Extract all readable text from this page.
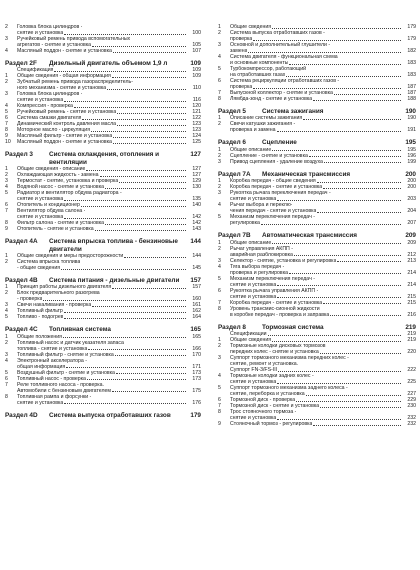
2	Головка блока цилиндров -
снятие и установка	100
3	Ручейковый ремень привода вспомогательных
агрегатов - снятие и установка	105
4	Масляный поддон - снятие и установка	107
Раздел 2F	Дизельный двигатель объемом 1,9 л	109
Спецификация	109
1	Общие сведения - общая информация	109
2	Зубчатый ремень привода газораспределитель-
ного механизма - снятие и установка	110
3	Головка блока цилиндров -
снятие и установка	116
4	Компрессия - проверка	120
5	Ручейковый ремень - снятие и установка	121
6	Система смазки двигателя	122
7	Динамический контроль давления масла	123
8	Моторное масло - циркуляция	123
9	Масляный фильтр - снятие и установка	124
10	Масляный поддон - снятие и установка	125
Раздел 3	Система охлаждения, отопления и вентиляции
127
1	Общие сведения - описание	127
2	Охлаждающая жидкость - замена	127
3	Термостат - снятие, установка и проверка	129
4	Водяной насос - снятие и установка	130
5	Радиатор и вентилятор обдува радиатора -
снятие и установка	135
6	Отопитель и кондиционер	140
7	Вентилятор обдува салона -
снятие и установка	142
8	Фильтр салона - снятие и установка	142
9	Отопитель - снятие и установка	143
Раздел 4A	Система впрыска топлива - бензиновые двигатели
144
1	Общие сведения и меры предосторожности	144
2	Система впрыска топлива
- общие сведения	145
Раздел 4B	Система питания - дизельные двигатели	157
1	Принцип работы дизельного двигателя	157
2	Блок предварительного разогрева
- проверка	160
3	Свечи накаливания - проверка	161
4	Топливный фильтр	162
5	Топливо - подогрев	164
Раздел 4C	Топливная система	165
1	Общие положения	165
2	Топливный насос и датчик указателя запаса
топлива - снятие и установка	166
3	Топливный фильтр - снятие и установка	170
4	Электронный акселератора -
общая информация	171
5	Воздушный фильтр - снятие и установка	173
6	Топливный насос - проверка	173
7	Реле топливного насоса - проверка.
Автомобили с бензиновым двигателем	175
8	Топливная рампа и форсунки -
снятие и установка	176
Раздел 4D	Система выпуска отработавших газов	179
1	Общие сведения	179
2	Система выпуска отработавших газов -
проверка	179
3	Основной и дополнительный глушители -
замена	182
4	Система двигателя - функциональная схема
и основные компоненты	183
5	Турбокомпрессор, работающий
на отработавших газах	183
6	Система рециркуляции отработавших газов -
проверка	187
7	Выпускной коллектор - снятие и установка	187
8	Лямбда-зонд - снятие и установка	188
Раздел 5	Система зажигания	190
1	Описание системы зажигания	190
2	Свечи катушки зажигания -
проверка и замена	191
Раздел 6	Сцепление	195
1	Общие описание	195
2	Сцепление - снятие и установка	196
3	Привод сцепления - удаление воздуха	199
Раздел 7A	Механическая трансмиссия	200
1	Коробка передач - общие сведения	200
2	Коробка передач - снятие и установка	200
3	Рукоятка рычага переключения передач -
снятие и установка	203
4	Рычаг выбора и переклю-
чения передач - снятие и установка	204
5	Механизм переключения передач -
регулировка	207
Раздел 7B	Автоматическая трансмиссия	209
1	Общие описание	209
2	Рычаг управления АКПП -
аварийная разблокировка	212
3	Селектор - снятие, установка и регулировка	213
4	Тяга выбора передач -
проверка и регулировка	214
5	Механизм переключения передач -
снятие и установка	214
6	Рукоятка рычага управления АКПП -
снятие и установка	215
7	Коробка передач - снятие и установка	215
8	Уровень трансмис-сионной жидкости
в коробке передач - проверка и заправка	216
Раздел 8	Тормозная система	219
Спецификации	219
1	Общие сведения	219
2	Тормозные колодки дисковых тормозов
передних колес - снятие и установка	220
3	Суппорт тормозного механизма передних колес -
снятие, ремонт и установка.
Суппорт FN-3/FS-III	222
4	Тормозные колодки задних колес -
снятие и установка	225
5	Суппорт тормозного механизма заднего колеса -
снятие, переборка и установка	227
6	Тормозной диск - проверка	229
7	Тормозной диск - снятие и установка	230
8	Трос стояночного тормоза -
снятие и установка	232
9	Стояночный тормоз - регулировка	232
